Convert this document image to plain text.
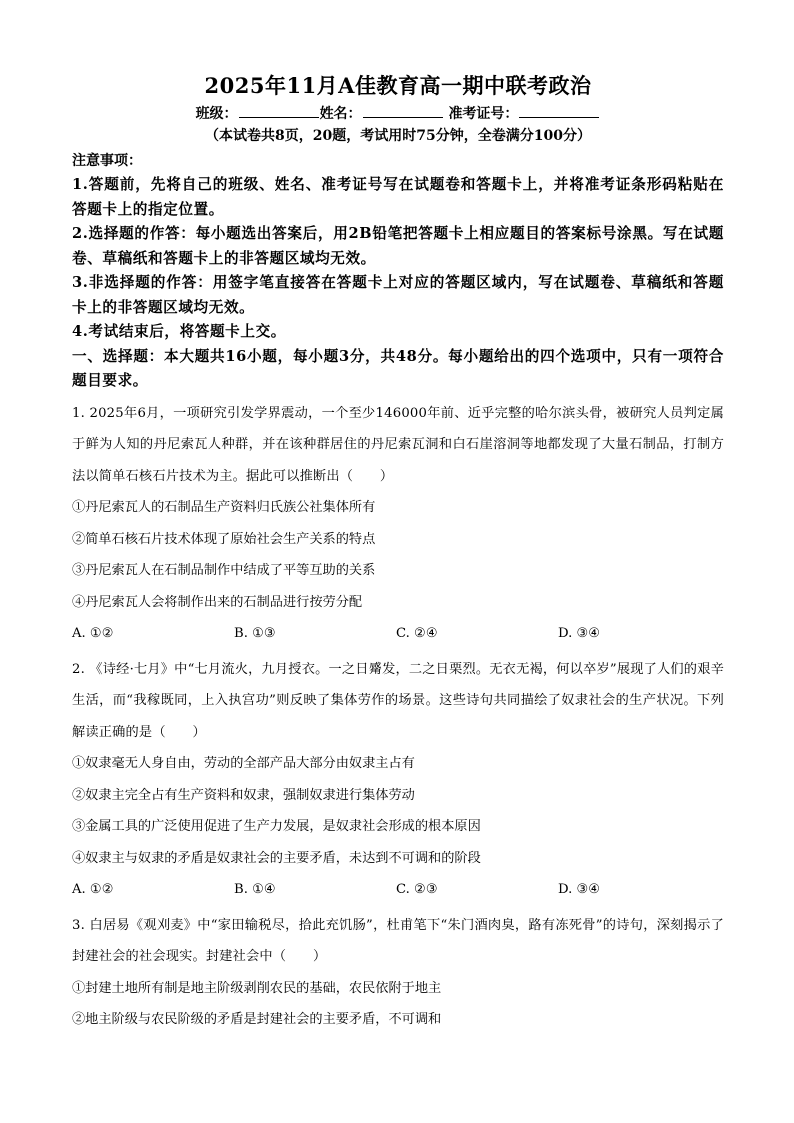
2025年11月A佳教育高一期中联考政治
班级：	姓名：	准考证号：
（本试卷共8页，20题，考试用时75分钟，全卷满分100分）
注意事项：
1.答题前，先将自己的班级、姓名、准考证号写在试题卷和答题卡上，并将准考证条形码粘贴在答题卡上的指定位置。
2.选择题的作答：每小题选出答案后，用2B铅笔把答题卡上相应题目的答案标号涂黑。写在试题卷、草稿纸和答题卡上的非答题区域均无效。
3.非选择题的作答：用签字笔直接答在答题卡上对应的答题区域内，写在试题卷、草稿纸和答题卡上的非答题区域均无效。
4.考试结束后，将答题卡上交。
一、选择题：本大题共16小题，每小题3分，共48分。每小题给出的四个选项中，只有一项符合题目要求。
1. 2025年6月，一项研究引发学界震动，一个至少146000年前、近乎完整的哈尔滨头骨，被研究人员判定属于鲜为人知的丹尼索瓦人种群，并在该种群居住的丹尼索瓦洞和白石崖溶洞等地都发现了大量石制品，打制方法以简单石核石片技术为主。据此可以推断出（　　）
①丹尼索瓦人的石制品生产资料归氏族公社集体所有
②简单石核石片技术体现了原始社会生产关系的特点
③丹尼索瓦人在石制品制作中结成了平等互助的关系
④丹尼索瓦人会将制作出来的石制品进行按劳分配
A. ①②	B. ①③	C. ②④	D. ③④
2. 《诗经·七月》中“七月流火，九月授衣。一之日觱发，二之日栗烈。无衣无褐，何以卒岁”展现了人们的艰辛生活，而“我稼既同，上入执宫功”则反映了集体劳作的场景。这些诗句共同描绘了奴隶社会的生产状况。下列解读正确的是（　　）
①奴隶毫无人身自由，劳动的全部产品大部分由奴隶主占有
②奴隶主完全占有生产资料和奴隶，强制奴隶进行集体劳动
③金属工具的广泛使用促进了生产力发展，是奴隶社会形成的根本原因
④奴隶主与奴隶的矛盾是奴隶社会的主要矛盾，未达到不可调和的阶段
A. ①②	B. ①④	C. ②③	D. ③④
3. 白居易《观刈麦》中“家田输税尽，拾此充饥肠”，杜甫笔下“朱门酒肉臭，路有冻死骨”的诗句，深刻揭示了封建社会的社会现实。封建社会中（　　）
①封建土地所有制是地主阶级剥削农民的基础，农民依附于地主
②地主阶级与农民阶级的矛盾是封建社会的主要矛盾，不可调和
